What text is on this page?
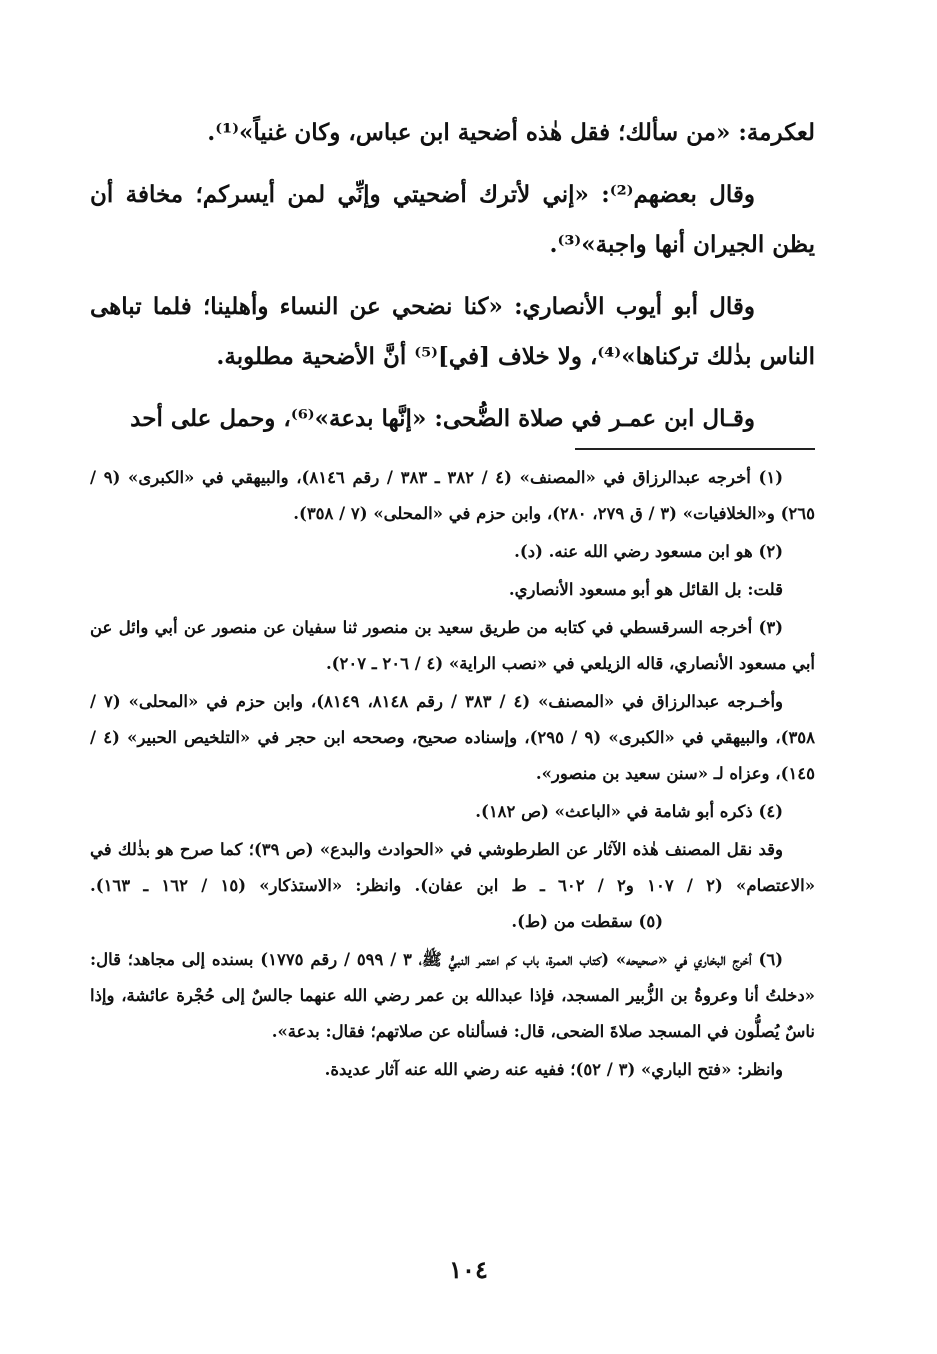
لعكرمة: «من سألك؛ فقل هٰذه أضحية ابن عباس، وكان غنياً»⁽¹⁾.

وقال بعضهم⁽²⁾: «إني لأترك أضحيتي وإنِّي لمن أيسركم؛ مخافة أن يظن الجيران أنها واجبة»⁽³⁾.

وقال أبو أيوب الأنصاري: «كنا نضحي عن النساء وأهلينا؛ فلما تباهى الناس بذٰلك تركناها»⁽⁴⁾، ولا خلاف [في]⁽⁵⁾ أنَّ الأضحية مطلوبة.

وقـال ابن عمـر في صلاة الضُّحى: «إنَّها بدعة»⁽⁶⁾، وحمل على أحد

(١) أخرجه عبدالرزاق في «المصنف» (٤ / ٣٨٢ ـ ٣٨٣ / رقم ٨١٤٦)، والبيهقي في «الكبرى» (٩ / ٢٦٥) و«الخلافيات» (٣ / ق ٢٧٩، ٢٨٠)، وابن حزم في «المحلى» (٧ / ٣٥٨).

(٢) هو ابن مسعود رضي الله عنه. (د).

قلت: بل القائل هو أبو مسعود الأنصاري.

(٣) أخرجه السرقسطي في كتابه من طريق سعيد بن منصور ثنا سفيان عن منصور عن أبي وائل عن أبي مسعود الأنصاري، قاله الزيلعي في «نصب الراية» (٤ / ٢٠٦ ـ ٢٠٧).

وأخـرجه عبدالرزاق في «المصنف» (٤ / ٣٨٣ / رقم ٨١٤٨، ٨١٤٩)، وابن حزم في «المحلى» (٧ / ٣٥٨)، والبيهقي في «الكبرى» (٩ / ٢٩٥)، وإسناده صحيح، وصححه ابن حجر في «التلخيص الحبير» (٤ / ١٤٥)، وعزاه لـ «سنن سعيد بن منصور».

(٤) ذكره أبو شامة في «الباعث» (ص ١٨٢).

وقد نقل المصنف هٰذه الآثار عن الطرطوشي في «الحوادث والبدع» (ص ٣٩)؛ كما صرح هو بذٰلك في «الاعتصام» (٢ / ١٠٧ و٢ / ٦٠٢ ـ ط ابن عفان). وانظر: «الاستذكار» (١٥ / ١٦٢ ـ ١٦٣). (٥) سقطت من (ط).

(٦) أخرج البخاري في «صحيحه» (كتاب العمرة، باب كم اعتمر النبيُّ ﷺ، ٣ / ٥٩٩ / رقم ١٧٧٥) بسنده إلى مجاهد؛ قال: «دخلتُ أنا وعروةُ بن الزُّبير المسجد، فإذا عبدالله بن عمر رضي الله عنهما جالسٌ إلى حُجْرة عائشة، وإذا ناسٌ يُصلُّون في المسجد صلاةَ الضحى، قال: فسألناه عن صلاتهم؛ فقال: بدعة».

وانظر: «فتح الباري» (٣ / ٥٢)؛ ففيه عنه رضي الله عنه آثار عديدة.

١٠٤
